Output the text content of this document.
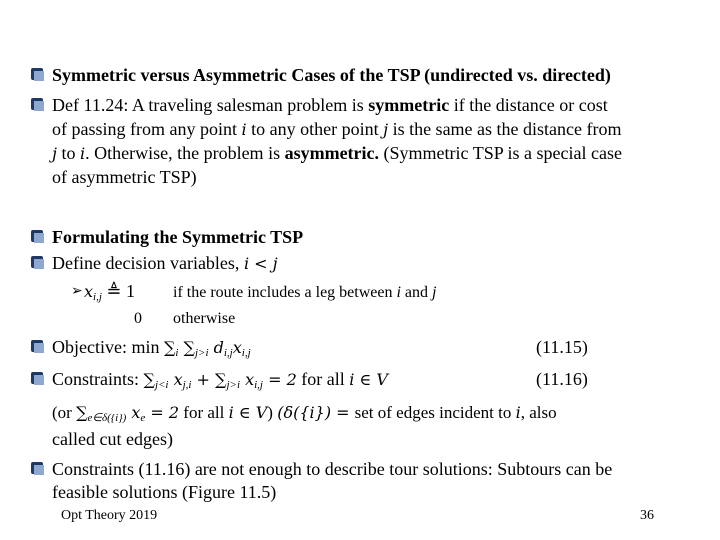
Symmetric versus Asymmetric Cases of the TSP (undirected vs. directed)
Def 11.24: A traveling salesman problem is symmetric if the distance or cost
of passing from any point i to any other point j is the same as the distance from
j to i. Otherwise, the problem is asymmetric. (Symmetric TSP is a special case
of asymmetric TSP)
Formulating the Symmetric TSP
Define decision variables, i < j
➢ $x_{i,j}$ ≜ 1 if the route includes a leg between i and j
0 otherwise
Objective: $\min \sum_i$ $\sum_{j>i}$ $d_{i,j}x_{i,j}$	(11.15)
Constraints: $\sum_{j<i}$ $x_{j,i} + \sum_{j>i}$ $x_{i,j} = 2$ for all i ∈ V	(11.16)
(or $\sum_{e\in\delta(\{i\})}$ $x_e = 2$ for all i ∈ V) (δ({i}) = set of edges incident to i, also
called cut edges)
Constraints (11.16) are not enough to describe tour solutions: Subtours can be
feasible solutions (Figure 11.5)
Opt Theory 2019	36
